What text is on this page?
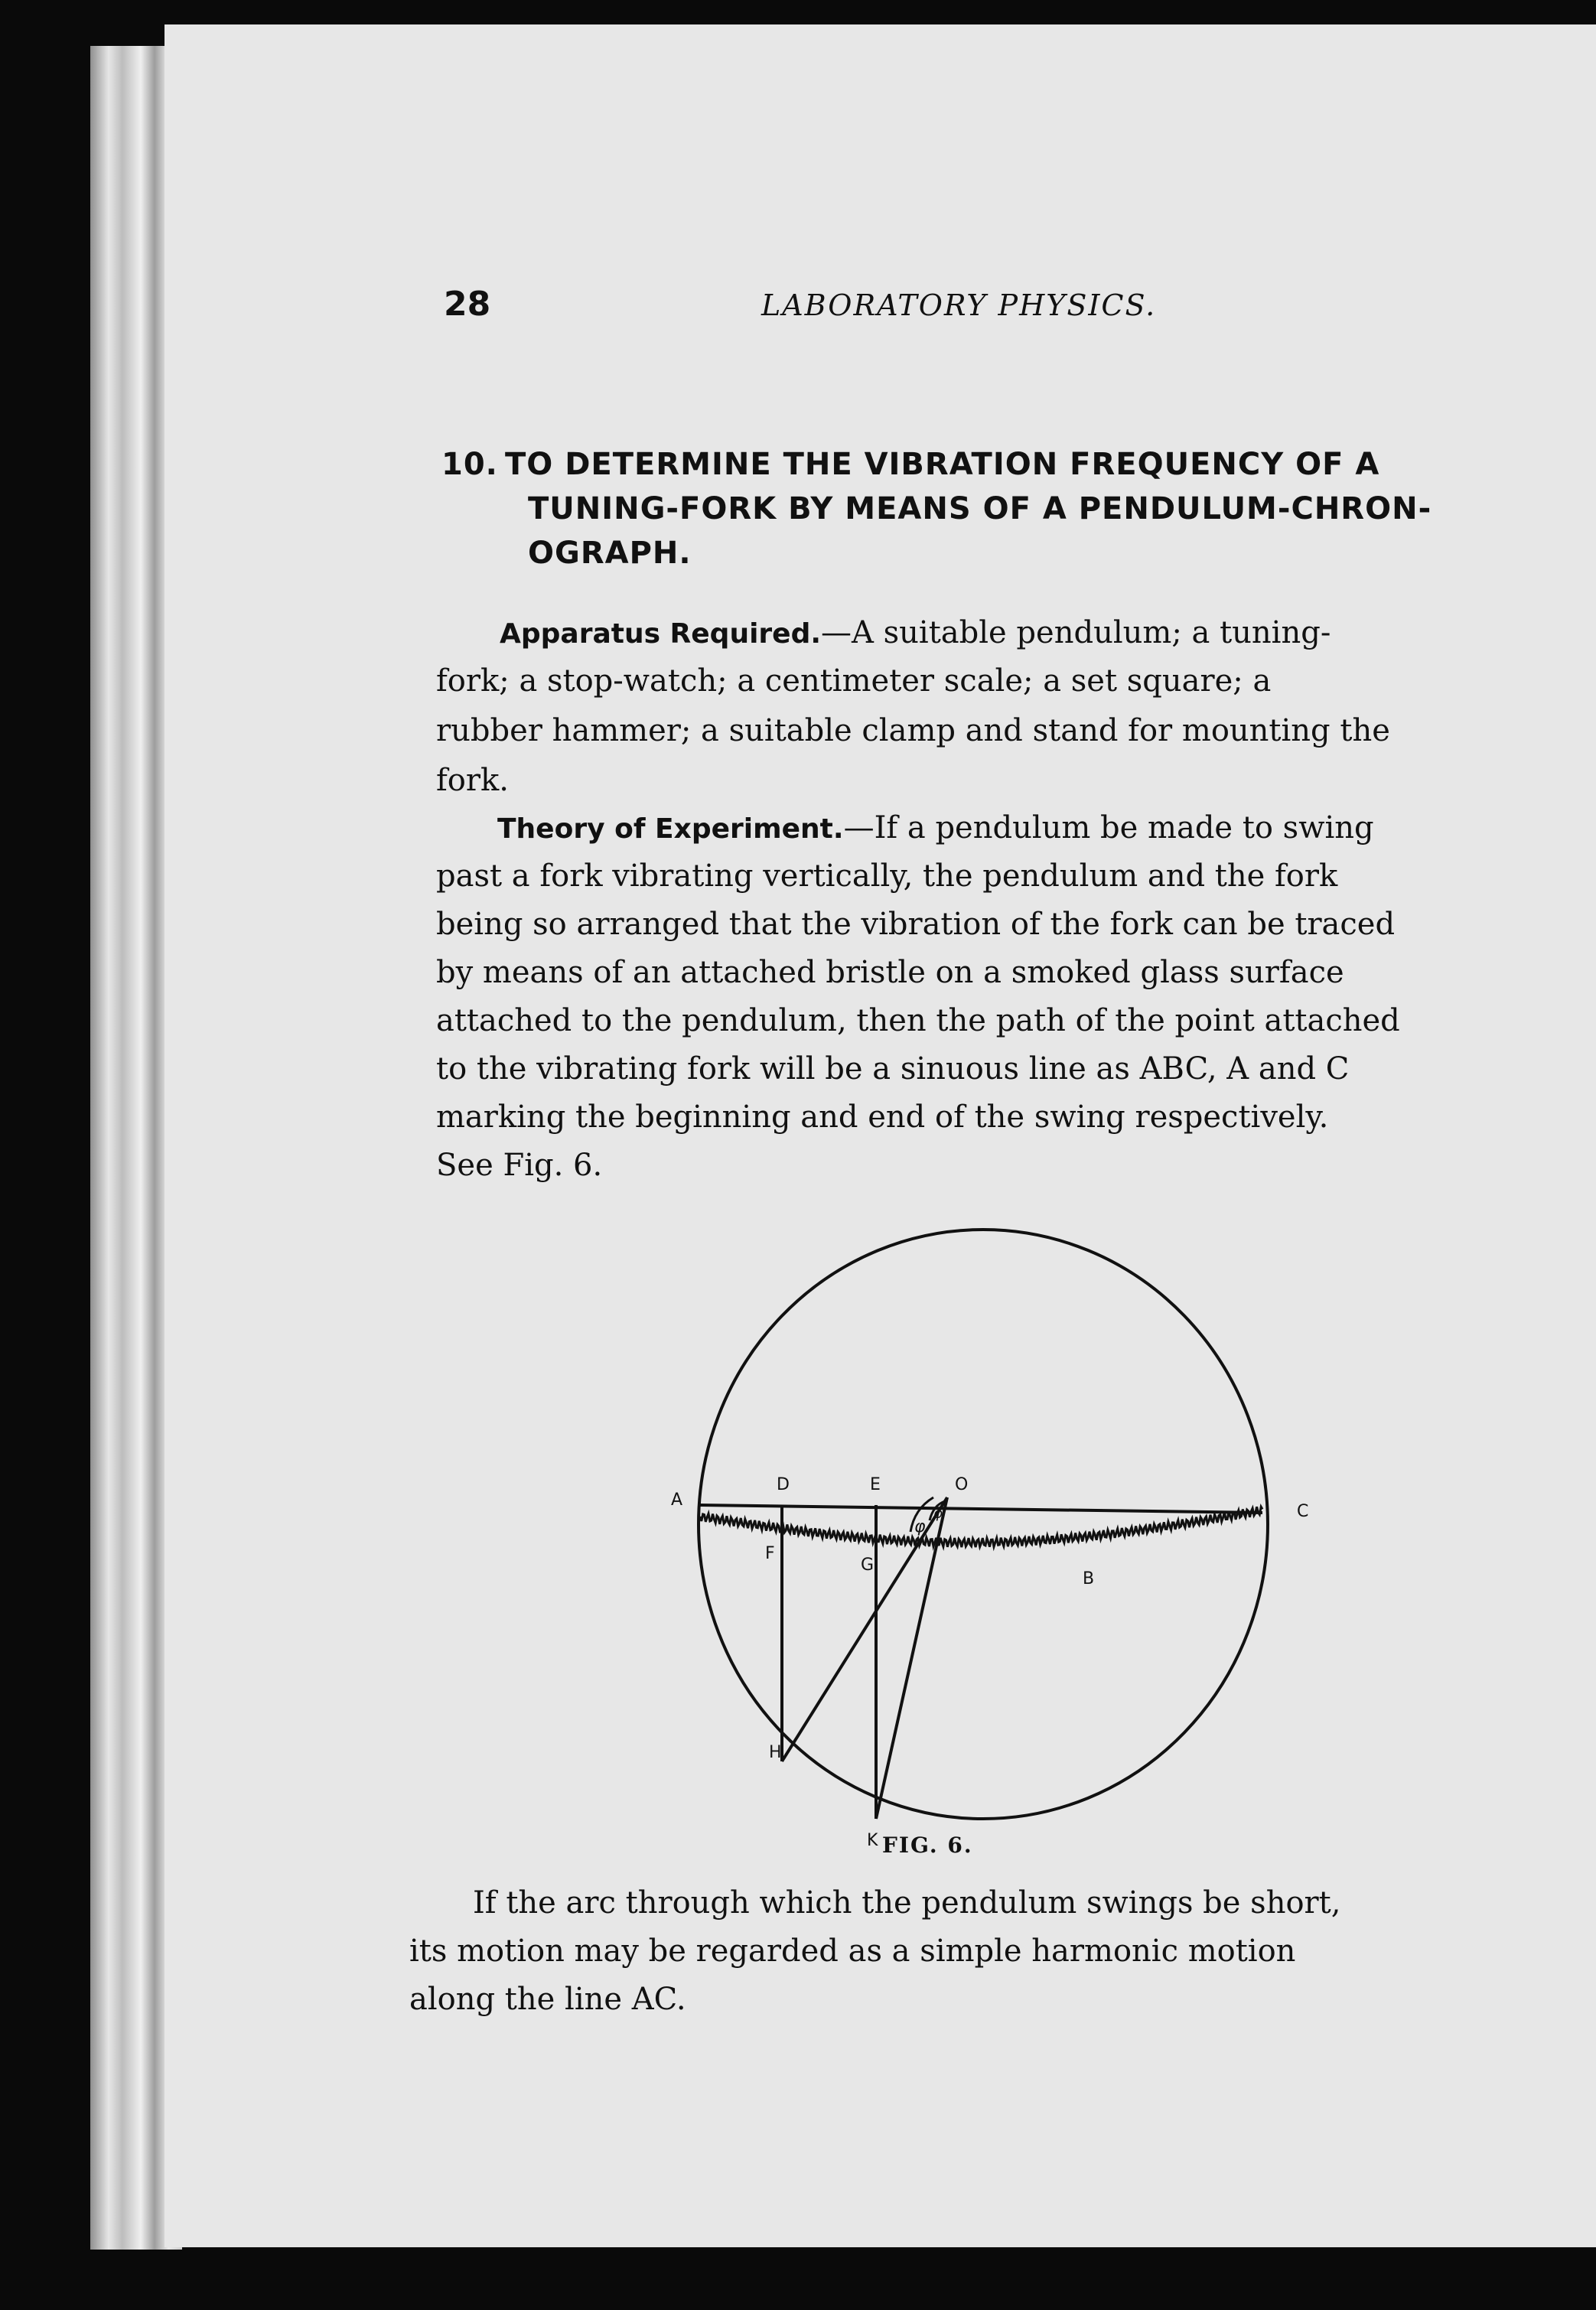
28	LABORATORY PHYSICS.
10. TO DETERMINE THE VIBRATION FREQUENCY OF A
TUNING-FORK BY MEANS OF A PENDULUM-CHRON-
OGRAPH.
Apparatus Required.—A suitable pendulum; a tuning-
fork; a stop-watch; a centimeter scale; a set square; a
rubber hammer; a suitable clamp and stand for mounting the
fork.
Theory of Experiment.—If a pendulum be made to swing
past a fork vibrating vertically, the pendulum and the fork
being so arranged that the vibration of the fork can be traced
by means of an attached bristle on a smoked glass surface
attached to the pendulum, then the path of the point attached
to the vibrating fork will be a sinuous line as ABC, A and C
marking the beginning and end of the swing respectively.
See Fig. 6.
A
C
B
D	E	O
F
G
H
K
φ
φ
FIG. 6.
If the arc through which the pendulum swings be short,
its motion may be regarded as a simple harmonic motion
along the line AC.
